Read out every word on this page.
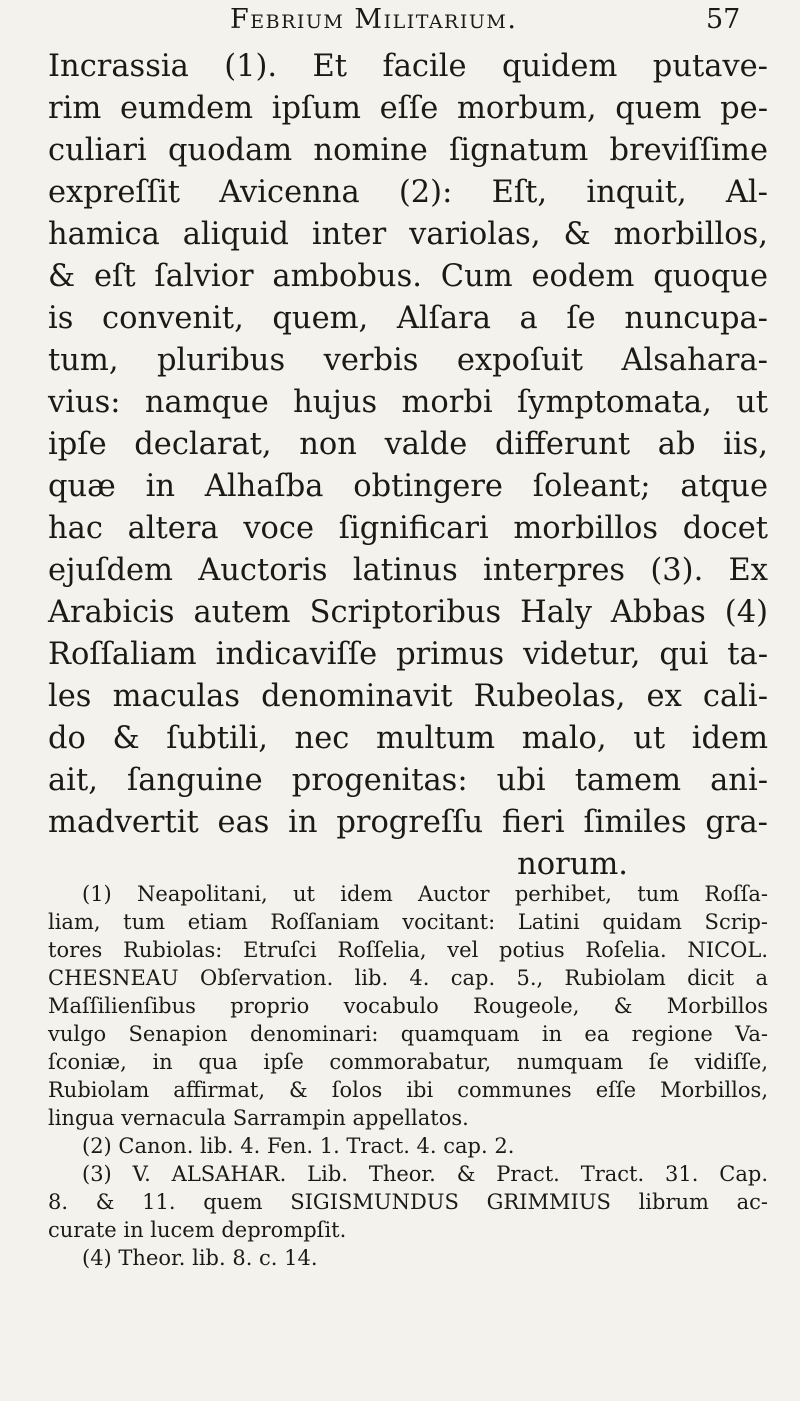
Febrium Militarium.	57
Incrassia (1). Et facile quidem putave-
rim eumdem ipſum eſſe morbum, quem pe-
culiari quodam nomine ſignatum breviſſime
expreſſit Avicenna (2): Eſt, inquit, Al-
hamica aliquid inter variolas, & morbillos,
& eſt ſalvior ambobus. Cum eodem quoque
is convenit, quem, Alſara a ſe nuncupa-
tum, pluribus verbis expoſuit Alsahara-
vius: namque hujus morbi ſymptomata, ut
ipſe declarat, non valde differunt ab iis,
quæ in Alhaſba obtingere ſoleant; atque
hac altera voce ſignificari morbillos docet
ejuſdem Auctoris latinus interpres (3). Ex
Arabicis autem Scriptoribus Haly Abbas (4)
Roſſaliam indicaviſſe primus videtur, qui ta-
les maculas denominavit Rubeolas, ex cali-
do & ſubtili, nec multum malo, ut idem
ait, ſanguine progenitas: ubi tamem ani-
madvertit eas in progreſſu fieri ſimiles gra-
norum.
(1) Neapolitani, ut idem Auctor perhibet, tum Roſſa-
liam, tum etiam Roſſaniam vocitant: Latini quidam Scrip-
tores Rubiolas: Etruſci Roſſelia, vel potius Roſelia. NICOL.
CHESNEAU Obſervation. lib. 4. cap. 5., Rubiolam dicit a
Maſſilienſibus proprio vocabulo Rougeole, & Morbillos
vulgo Senapion denominari: quamquam in ea regione Va-
ſconiæ, in qua ipſe commorabatur, numquam ſe vidiſſe,
Rubiolam affirmat, & ſolos ibi communes eſſe Morbillos,
lingua vernacula Sarrampin appellatos.
(2) Canon. lib. 4. Fen. 1. Tract. 4. cap. 2.
(3) V. ALSAHAR. Lib. Theor. & Pract. Tract. 31. Cap.
8. & 11. quem SIGISMUNDUS GRIMMIUS librum ac-
curate in lucem deprompſit.
(4) Theor. lib. 8. c. 14.
